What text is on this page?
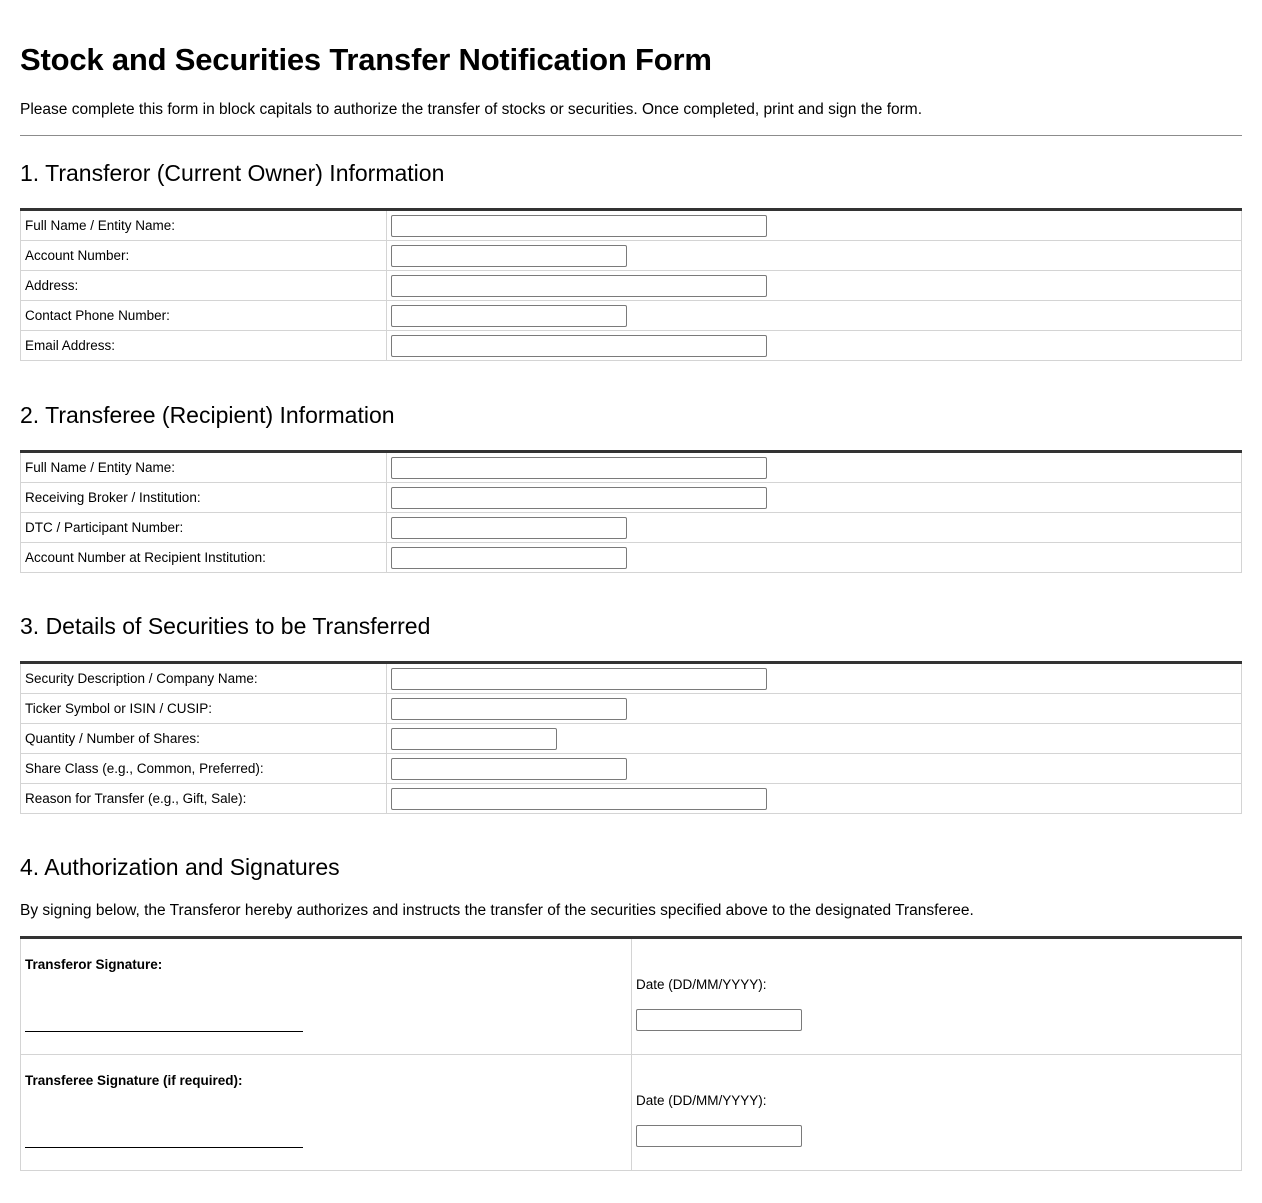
Stock and Securities Transfer Notification Form

Please complete this form in block capitals to authorize the transfer of stocks or securities. Once completed, print and sign the form.

1. Transferor (Current Owner) Information
Full Name / Entity Name:	

Account Number:	

Address:	

Contact Phone Number:	

Email Address:	
2. Transferee (Recipient) Information
Full Name / Entity Name:	

Receiving Broker / Institution:	

DTC / Participant Number:	

Account Number at Recipient Institution:	
3. Details of Securities to be Transferred
Security Description / Company Name:	

Ticker Symbol or ISIN / CUSIP:	

Quantity / Number of Shares:	

Share Class (e.g., Common, Preferred):	

Reason for Transfer (e.g., Gift, Sale):	
4. Authorization and Signatures

By signing below, the Transferor hereby authorizes and instructs the transfer of the securities specified above to the designated Transferee.

Transferor Signature:	Date (DD/MM/YYYY):

Transferee Signature (if required):	Date (DD/MM/YYYY):
